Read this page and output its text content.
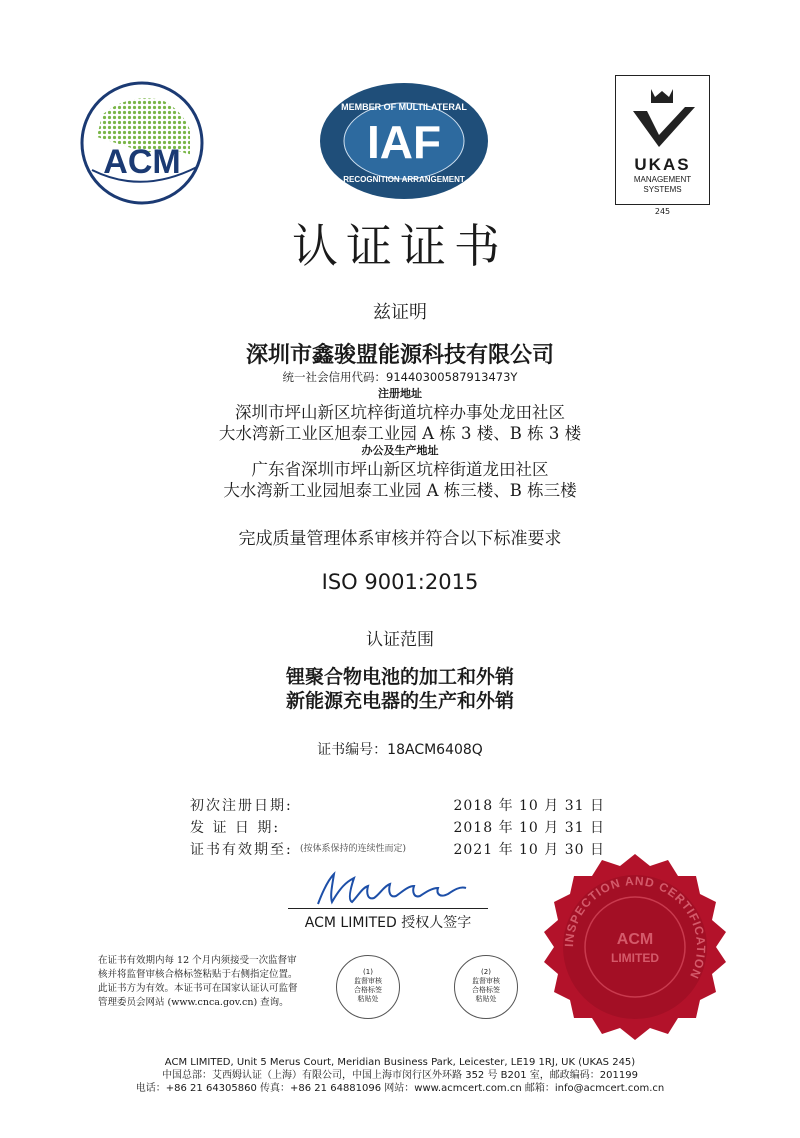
ACM
MEMBER OF MULTILATERAL
IAF
RECOGNITION ARRANGEMENT
UKAS
MANAGEMENT
SYSTEMS
245
认证证书
兹证明
深圳市鑫骏盟能源科技有限公司
统一社会信用代码：91440300587913473Y
注册地址
深圳市坪山新区坑梓街道坑梓办事处龙田社区
大水湾新工业区旭泰工业园 A 栋 3 楼、B 栋 3 楼
办公及生产地址
广东省深圳市坪山新区坑梓街道龙田社区
大水湾新工业园旭泰工业园 A 栋三楼、B 栋三楼
完成质量管理体系审核并符合以下标准要求
ISO 9001:2015
认证范围
锂聚合物电池的加工和外销
新能源充电器的生产和外销
证书编号：18ACM6408Q
初次注册日期:	2018 年 10 月 31 日
发 证 日 期:	2018 年 10 月 31 日
证书有效期至: (按体系保持的连续性而定)	2021 年 10 月 30 日
ACM LIMITED 授权人签字
在证书有效期内每 12 个月内须接受一次监督审核并将监督审核合格标签粘贴于右侧指定位置。此证书方为有效。本证书可在国家认证认可监督管理委员会网站 (www.cnca.gov.cn) 查询。
(1)
监督审核
合格标签
粘贴处
(2)
监督审核
合格标签
粘贴处
INSPECTION AND CERTIFICATION
ACM
LIMITED
ACM LIMITED, Unit 5 Merus Court, Meridian Business Park, Leicester, LE19 1RJ, UK (UKAS 245)
中国总部：艾西姆认证（上海）有限公司，中国上海市闵行区外环路 352 号 B201 室，邮政编码：201199
电话：+86 21 64305860 传真：+86 21 64881096 网站：www.acmcert.com.cn 邮箱：info@acmcert.com.cn
